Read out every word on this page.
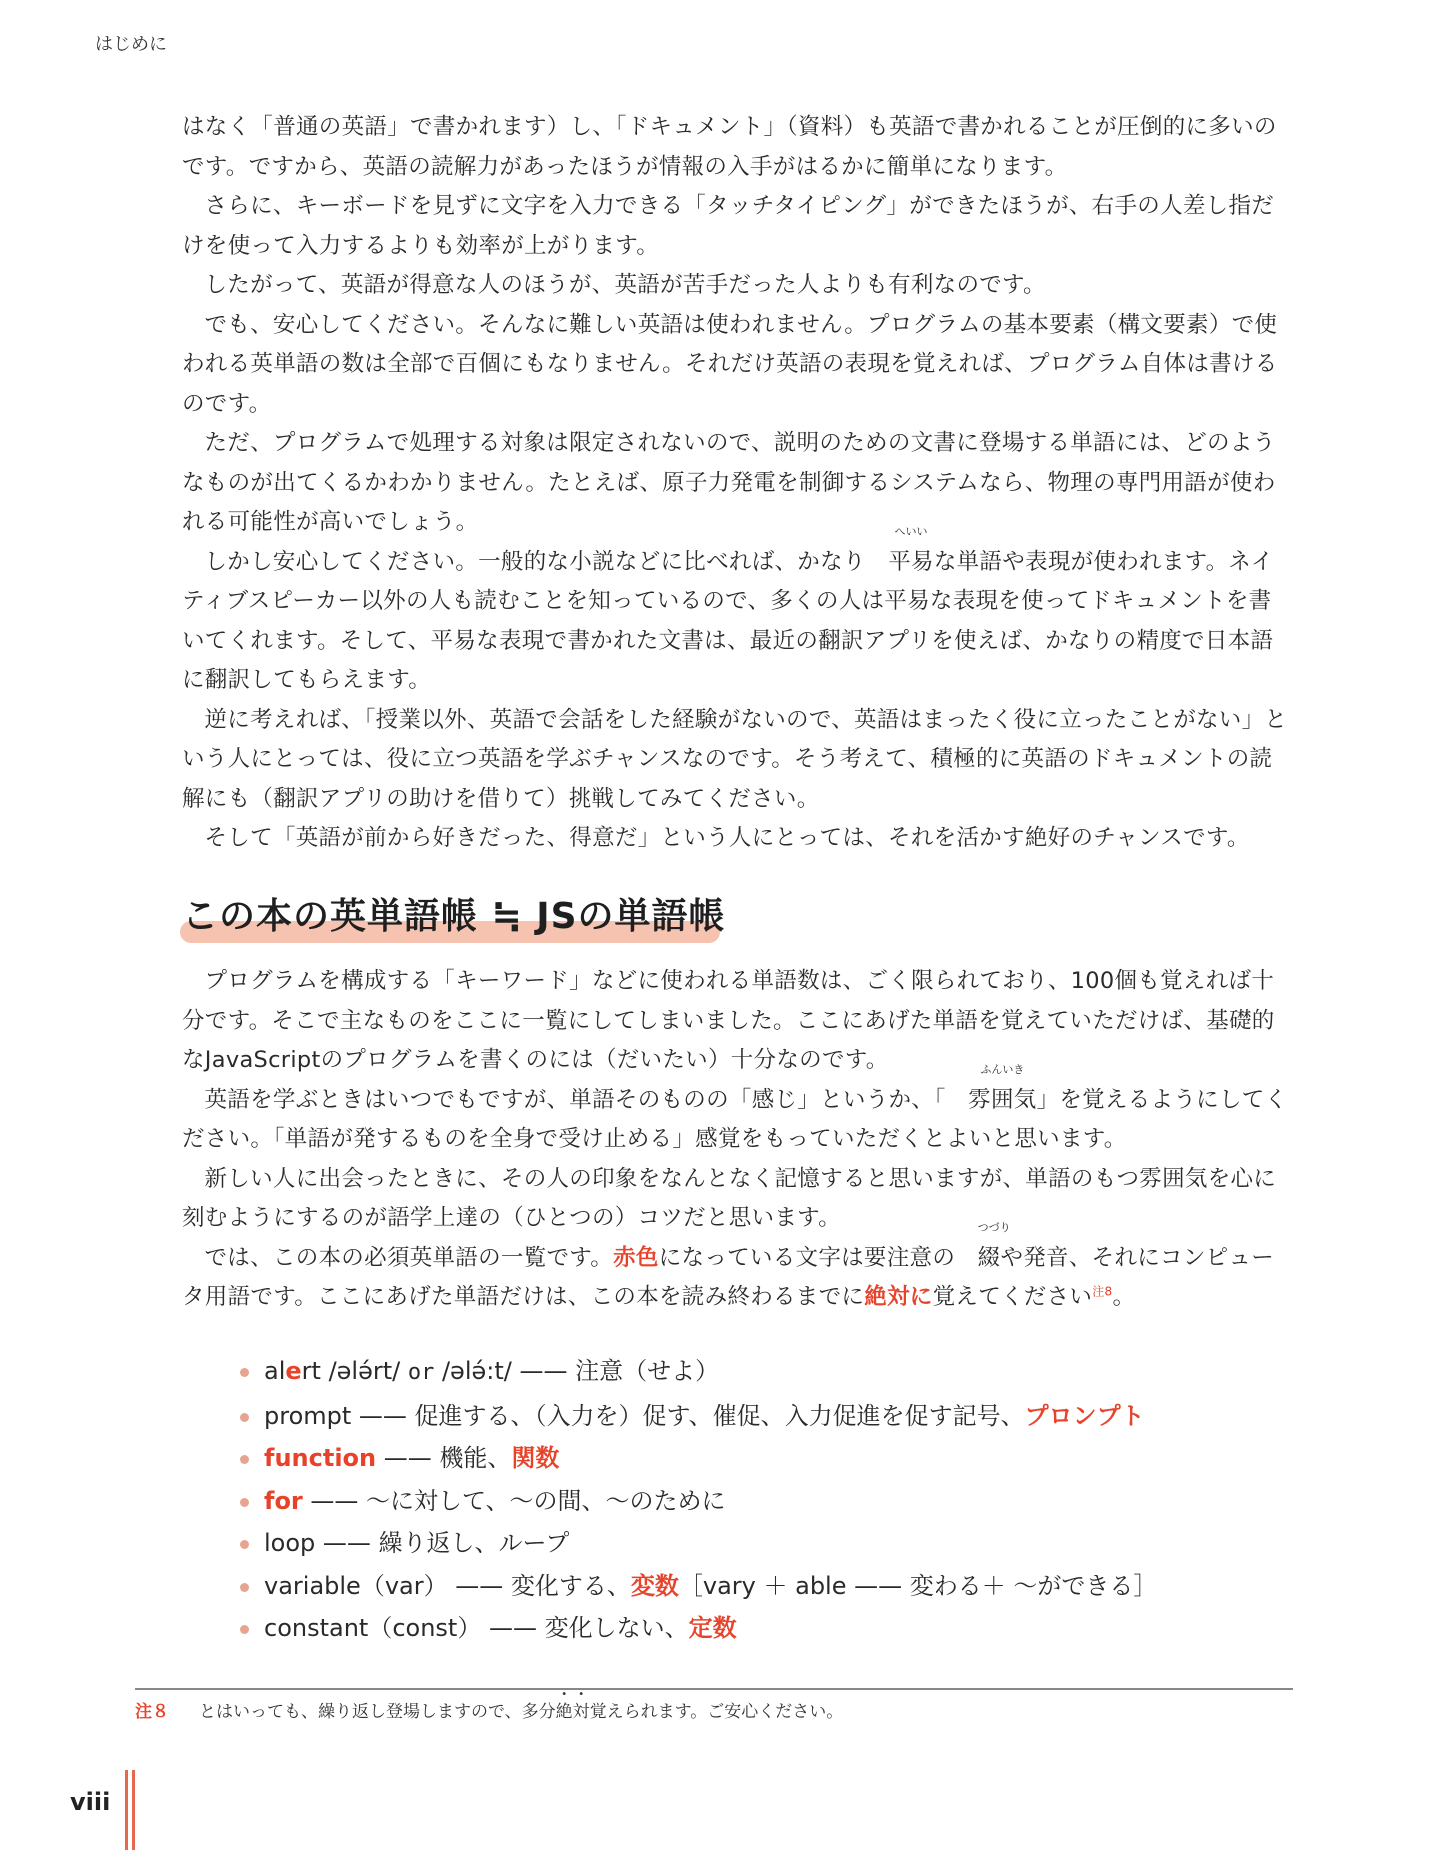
はじめに

はなく「普通の英語」で書かれます）し、「ドキュメント」（資料）も英語で書かれることが圧倒的に多いのです。ですから、英語の読解力があったほうが情報の入手がはるかに簡単になります。

さらに、キーボードを見ずに文字を入力できる「タッチタイピング」ができたほうが、右手の人差し指だけを使って入力するよりも効率が上がります。

したがって、英語が得意な人のほうが、英語が苦手だった人よりも有利なのです。

でも、安心してください。そんなに難しい英語は使われません。プログラムの基本要素（構文要素）で使われる英単語の数は全部で百個にもなりません。それだけ英語の表現を覚えれば、プログラム自体は書けるのです。

ただ、プログラムで処理する対象は限定されないので、説明のための文書に登場する単語には、どのようなものが出てくるかわかりません。たとえば、原子力発電を制御するシステムなら、物理の専門用語が使われる可能性が高いでしょう。

しかし安心してください。一般的な小説などに比べれば、かなり
へいい
平易な単語や表現が使われます。ネイティブスピーカー以外の人も読むことを知っているので、多くの人は平易な表現を使ってドキュメントを書いてくれます。そして、平易な表現で書かれた文書は、最近の翻訳アプリを使えば、かなりの精度で日本語に翻訳してもらえます。

逆に考えれば、「授業以外、英語で会話をした経験がないので、英語はまったく役に立ったことがない」という人にとっては、役に立つ英語を学ぶチャンスなのです。そう考えて、積極的に英語のドキュメントの読解にも（翻訳アプリの助けを借りて）挑戦してみてください。

そして「英語が前から好きだった、得意だ」という人にとっては、それを活かす絶好のチャンスです。

この本の英単語帳 ≒ JSの単語帳

プログラムを構成する「キーワード」などに使われる単語数は、ごく限られており、100個も覚えれば十分です。そこで主なものをここに一覧にしてしまいました。ここにあげた単語を覚えていただけば、基礎的なJavaScriptのプログラムを書くのには（だいたい）十分なのです。

英語を学ぶときはいつでもですが、単語そのものの「感じ」というか、「
ふんいき
雰囲気」を覚えるようにしてください。「単語が発するものを全身で受け止める」感覚をもっていただくとよいと思います。

新しい人に出会ったときに、その人の印象をなんとなく記憶すると思いますが、単語のもつ雰囲気を心に刻むようにするのが語学上達の（ひとつの）コツだと思います。

では、この本の必須英単語の一覧です。赤色になっている文字は要注意の
つづり
綴や発音、それにコンピュータ用語です。ここにあげた単語だけは、この本を読み終わるまでに絶対に覚えてください$^{注8}$。

alert /ələ́rt/ or /ələ́:t/ —— 注意（せよ）
prompt —— 促進する、（入力を）促す、催促、入力促進を促す記号、プロンプト
function —— 機能、関数
for —— 〜に対して、〜の間、〜のために
loop —— 繰り返し、ループ
variable（var） —— 変化する、変数［vary ＋ able —— 変わる＋ 〜ができる］
constant（const） —— 変化しない、定数
注８ とはいっても、繰り返し登場しますので、多分絶対覚えられます。ご安心ください。
viii
